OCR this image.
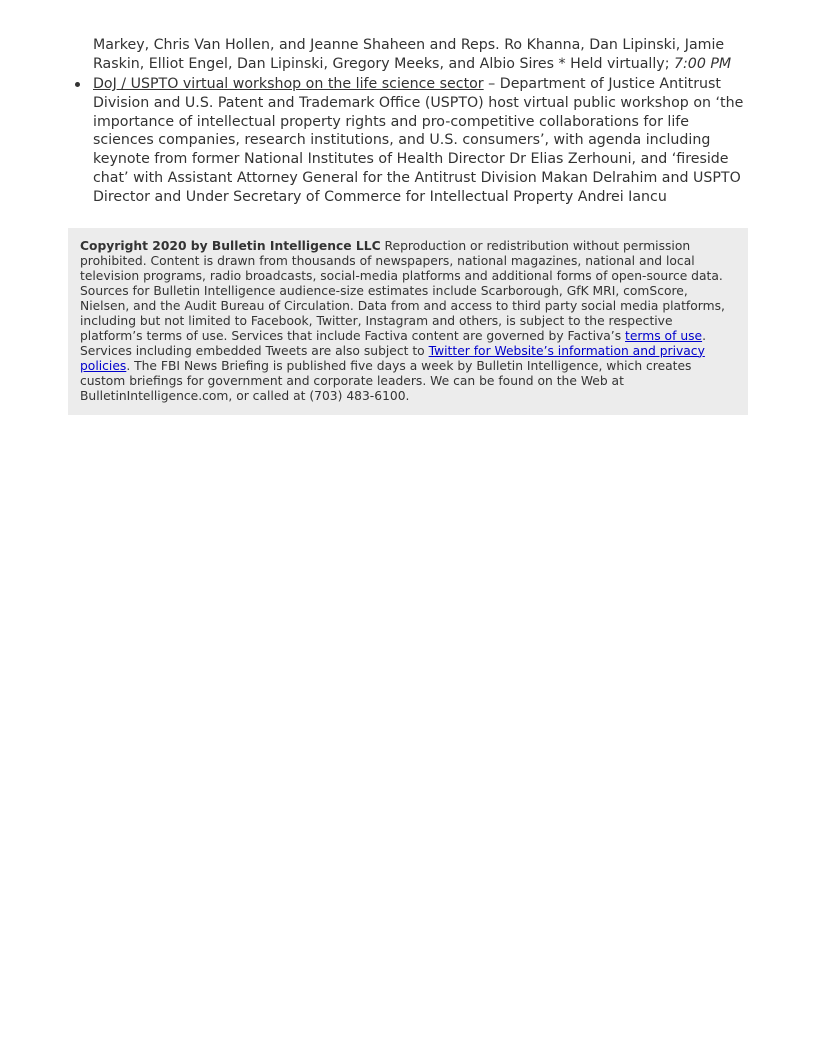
Markey, Chris Van Hollen, and Jeanne Shaheen and Reps. Ro Khanna, Dan Lipinski, Jamie Raskin, Elliot Engel, Dan Lipinski, Gregory Meeks, and Albio Sires * Held virtually; 7:00 PM

DoJ / USPTO virtual workshop on the life science sector – Department of Justice Antitrust Division and U.S. Patent and Trademark Office (USPTO) host virtual public workshop on ‘the importance of intellectual property rights and pro-competitive collaborations for life sciences companies, research institutions, and U.S. consumers’, with agenda including keynote from former National Institutes of Health Director Dr Elias Zerhouni, and ‘fireside chat’ with Assistant Attorney General for the Antitrust Division Makan Delrahim and USPTO Director and Under Secretary of Commerce for Intellectual Property Andrei Iancu
Copyright 2020 by Bulletin Intelligence LLC Reproduction or redistribution without permission prohibited. Content is drawn from thousands of newspapers, national magazines, national and local television programs, radio broadcasts, social-media platforms and additional forms of open-source data. Sources for Bulletin Intelligence audience-size estimates include Scarborough, GfK MRI, comScore, Nielsen, and the Audit Bureau of Circulation. Data from and access to third party social media platforms, including but not limited to Facebook, Twitter, Instagram and others, is subject to the respective platform’s terms of use. Services that include Factiva content are governed by Factiva’s terms of use. Services including embedded Tweets are also subject to Twitter for Website’s information and privacy policies. The FBI News Briefing is published five days a week by Bulletin Intelligence, which creates custom briefings for government and corporate leaders. We can be found on the Web at BulletinIntelligence.com, or called at (703) 483-6100.
